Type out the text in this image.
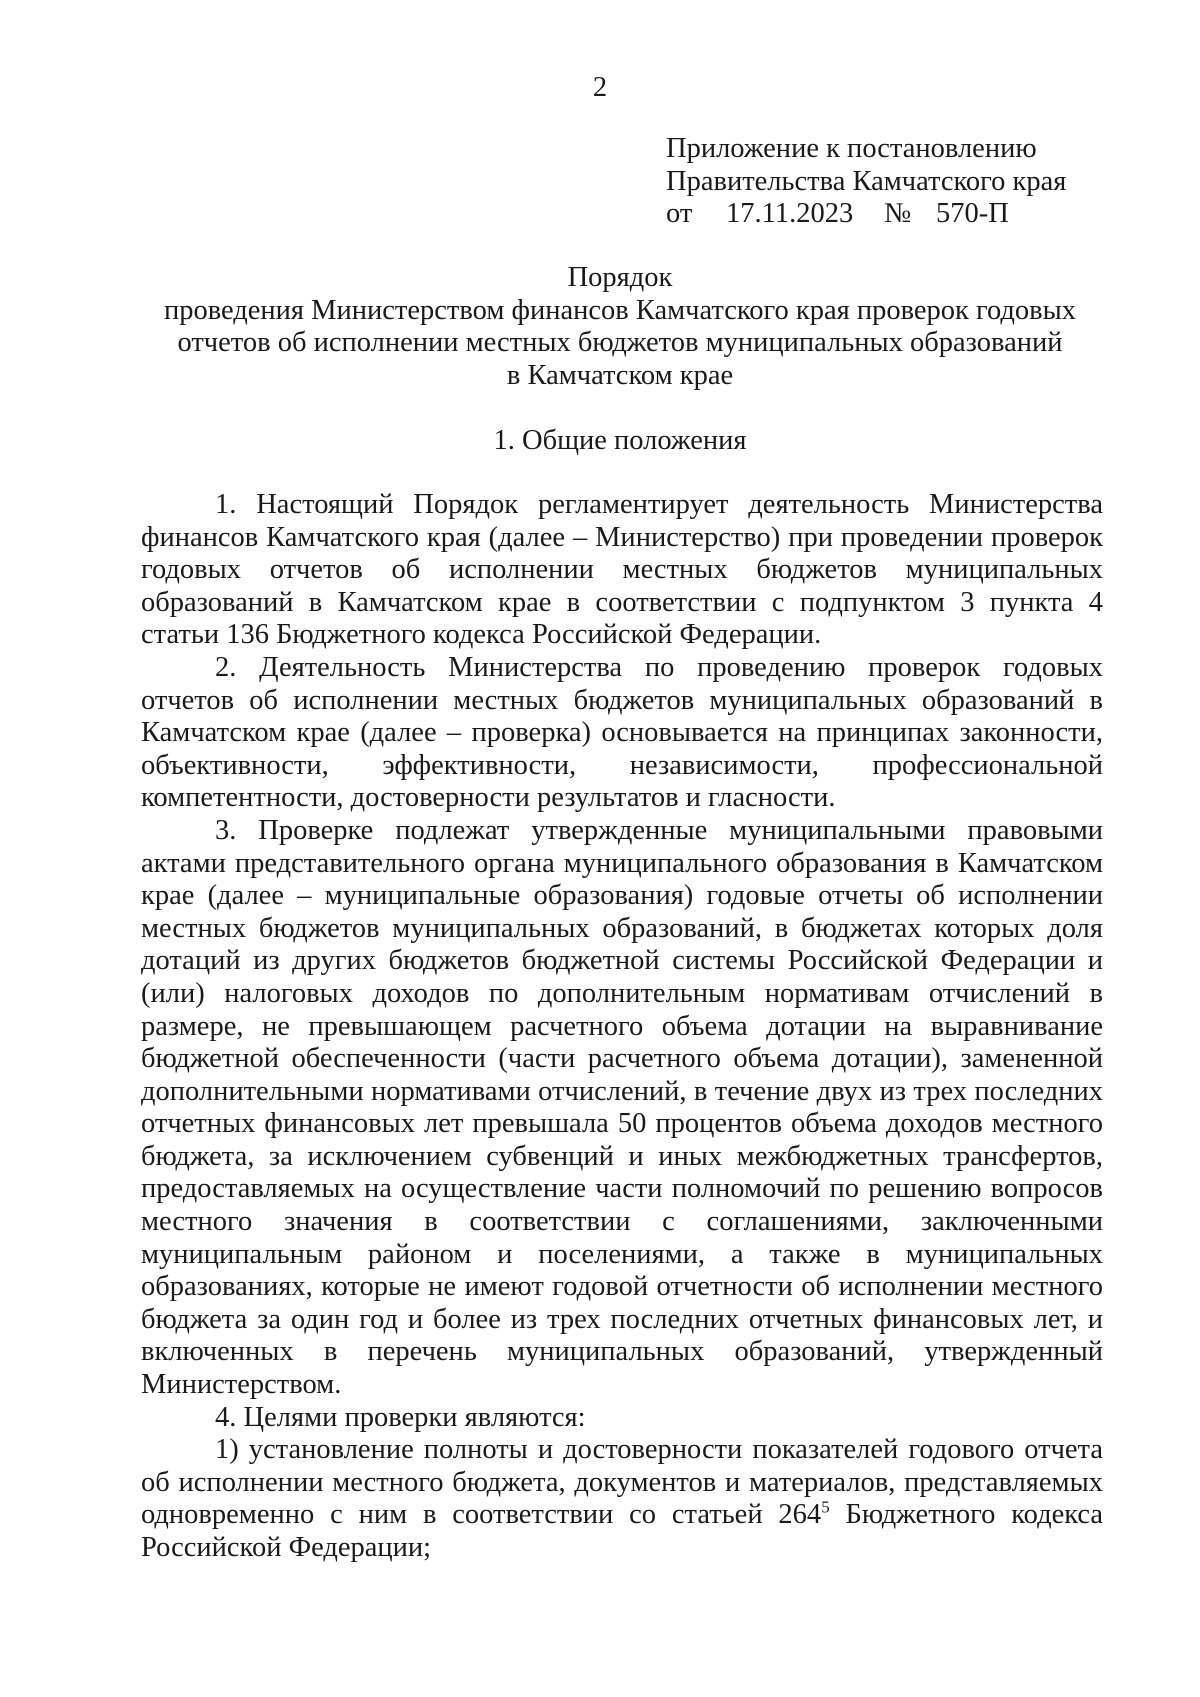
2
Приложение к постановлению
Правительства Камчатского края
от 17.11.2023 № 570-П
Порядок
проведения Министерством финансов Камчатского края проверок годовых
отчетов об исполнении местных бюджетов муниципальных образований
в Камчатском крае
1. Общие положения

1. Настоящий Порядок регламентирует деятельность Министерства финансов Камчатского края (далее – Министерство) при проведении проверок годовых отчетов об исполнении местных бюджетов муниципальных образований в Камчатском крае в соответствии с подпунктом 3 пункта 4 статьи 136 Бюджетного кодекса Российской Федерации.

2. Деятельность Министерства по проведению проверок годовых отчетов об исполнении местных бюджетов муниципальных образований в Камчатском крае (далее – проверка) основывается на принципах законности, объективности, эффективности, независимости, профессиональной компетентности, достоверности результатов и гласности.

3. Проверке подлежат утвержденные муниципальными правовыми актами представительного органа муниципального образования в Камчатском крае (далее – муниципальные образования) годовые отчеты об исполнении местных бюджетов муниципальных образований, в бюджетах которых доля дотаций из других бюджетов бюджетной системы Российской Федерации и (или) налоговых доходов по дополнительным нормативам отчислений в размере, не превышающем расчетного объема дотации на выравнивание бюджетной обеспеченности (части расчетного объема дотации), замененной дополнительными нормативами отчислений, в течение двух из трех последних отчетных финансовых лет превышала 50 процентов объема доходов местного бюджета, за исключением субвенций и иных межбюджетных трансфертов, предоставляемых на осуществление части полномочий по решению вопросов местного значения в соответствии с соглашениями, заключенными муниципальным районом и поселениями, а также в муниципальных образованиях, которые не имеют годовой отчетности об исполнении местного бюджета за один год и более из трех последних отчетных финансовых лет, и включенных в перечень муниципальных образований, утвержденный Министерством.

4. Целями проверки являются:

1) установление полноты и достоверности показателей годового отчета об исполнении местного бюджета, документов и материалов, представляемых одновременно с ним в соответствии со статьей $264^5$ Бюджетного кодекса Российской Федерации;
